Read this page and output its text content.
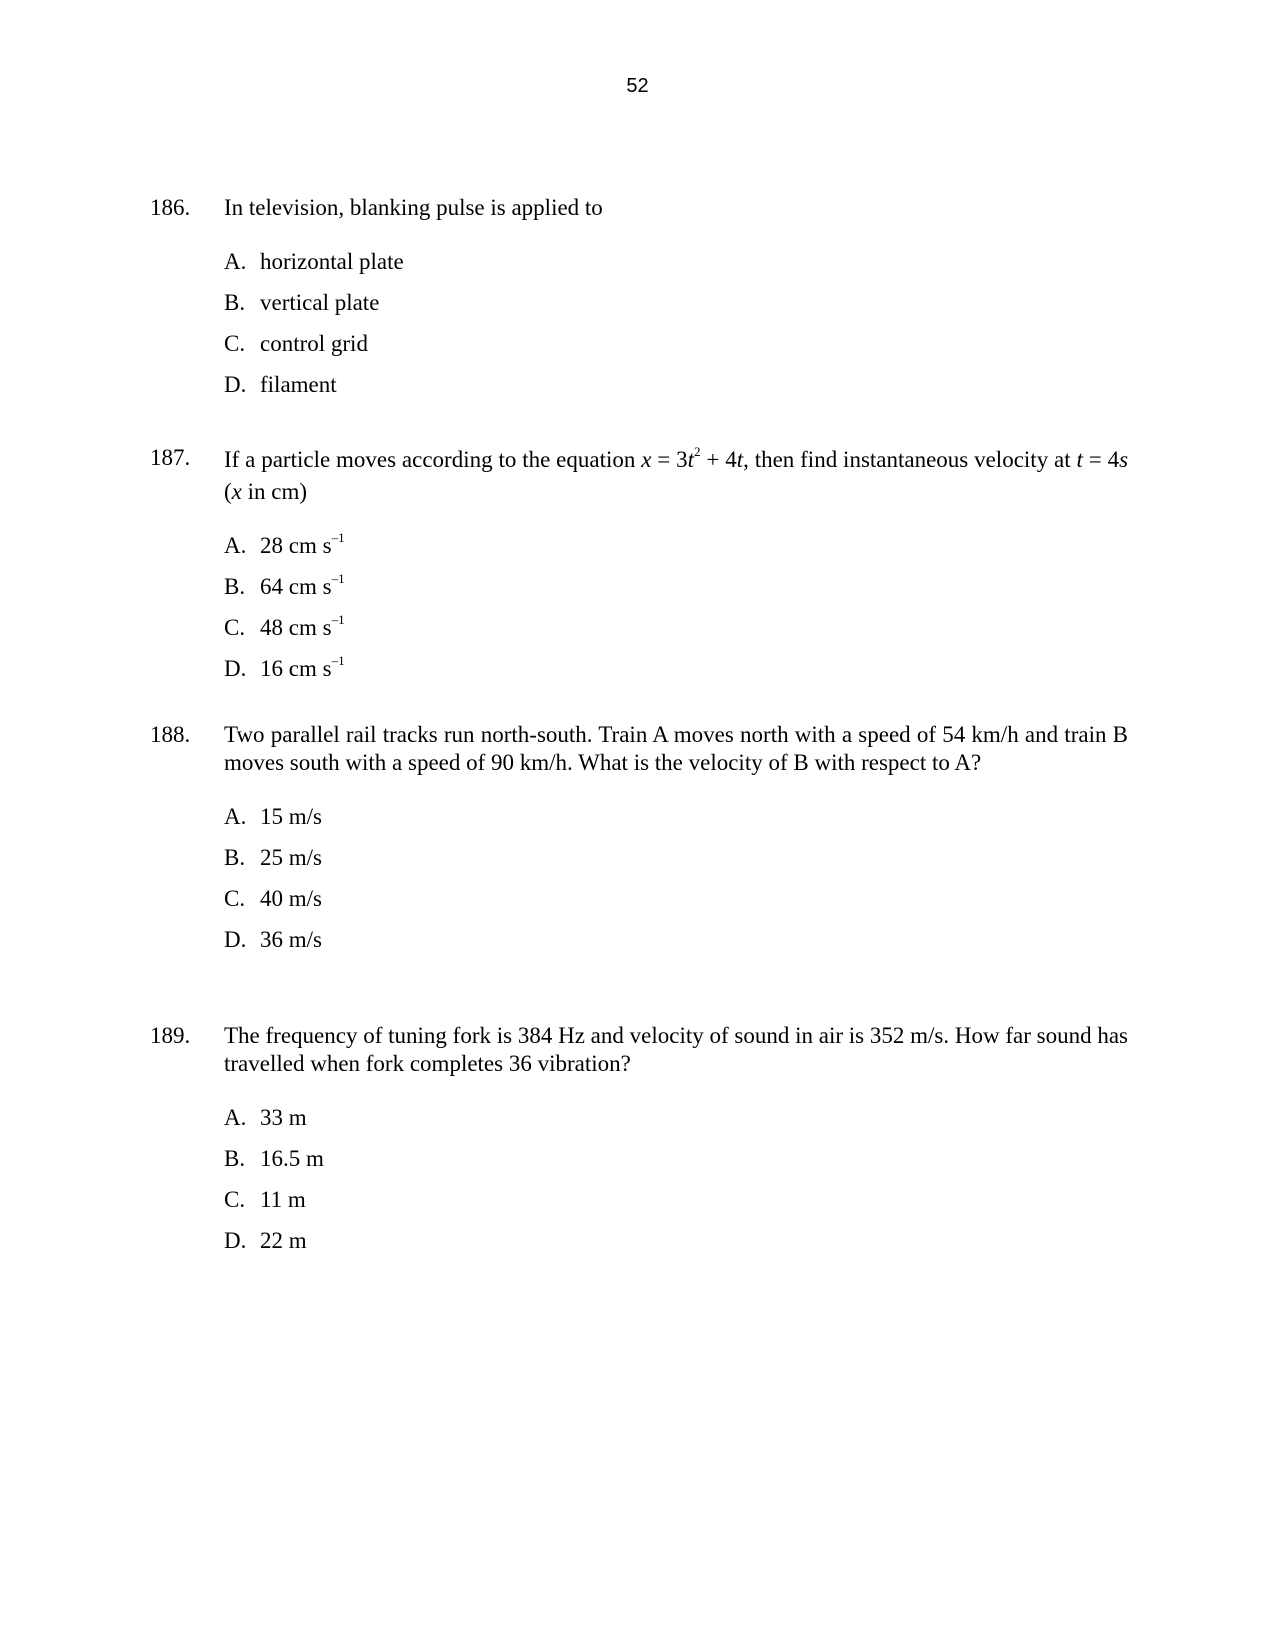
52
186. In television, blanking pulse is applied to
A. horizontal plate
B. vertical plate
C. control grid
D. filament
187. If a particle moves according to the equation $x = 3t^2 + 4t$, then find instantaneous velocity at t = 4s (x in cm)
A. 28 cm $s^{-1}$
B. 64 cm $s^{-1}$
C. 48 cm $s^{-1}$
D. 16 cm $s^{-1}$
188. Two parallel rail tracks run north-south. Train A moves north with a speed of 54 km/h and train B moves south with a speed of 90 km/h. What is the velocity of B with respect to A?
A. 15 m/s
B. 25 m/s
C. 40 m/s
D. 36 m/s
189. The frequency of tuning fork is 384 Hz and velocity of sound in air is 352 m/s. How far sound has travelled when fork completes 36 vibration?
A. 33 m
B. 16.5 m
C. 11 m
D. 22 m
